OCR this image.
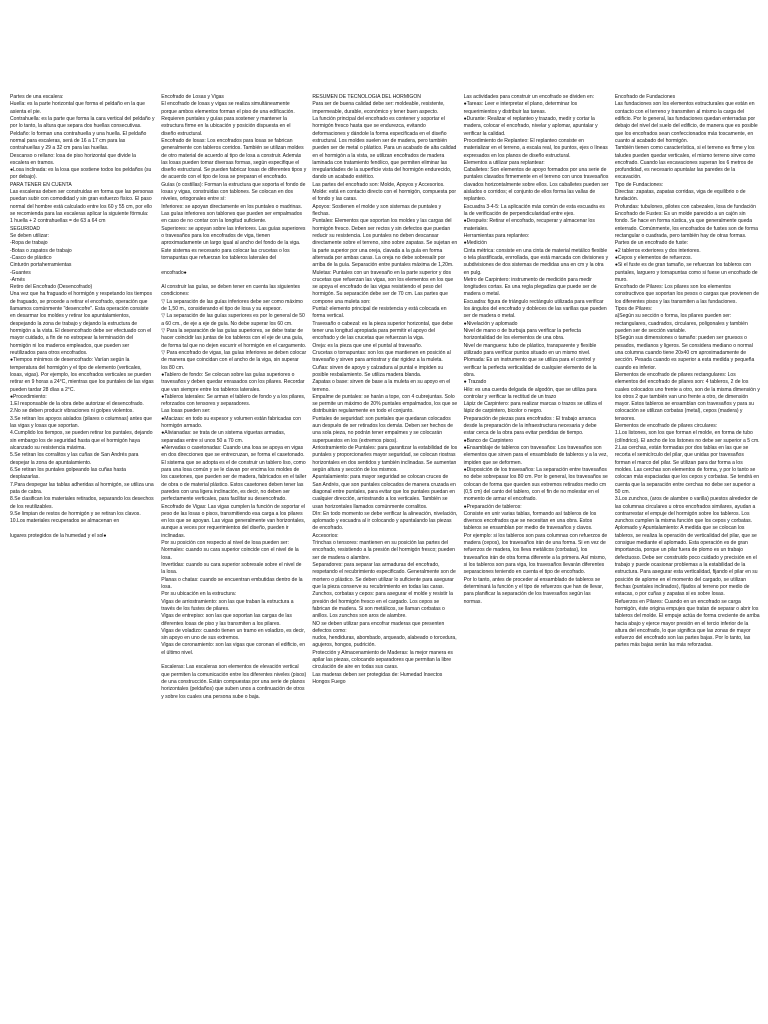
Partes de una escalera:
Huella: es la parte horizontal que forma el peldaño en la que asienta el pie.
Contrahuella: es la parte que forma la cara vertical del peldaño y por lo tanto, la altura que separa dos huellas consecutivas.
Peldaño: lo forman una contrahuella y una huella. El peldaño normal para escaleras, será de 16 a 17 cm para las contrahuellas y 29 a 32 cm para las huellas.
Descanso o rellano: losa de piso horizontal que divide la escalera en tramos.
●Losa inclinada: es la losa que sostiene todos los peldaños (su por debajo).
PARA TENER EN CUENTA
Las escaleras deben ser construidas en forma que las personas puedan subir con comodidad y sin gran esfuerzo físico. El paso normal del hombre está calculado entre los 60 y 55 cm, por ello se recomienda para las escaleras aplicar la siguiente fórmula:
1 huella + 2 contrahuellas = de 63 a 64 cm
SEGURIDAD
Se deben utilizar:
-Ropa de trabajo
-Botas o zapatos de trabajo
-Casco de plástico
Cinturón portaherramientas
-Guantes
-Arnés
Retiro del Encofrado (Desencofrado)
Una vez que ha fraguado el hormigón y respetando los tiempos de fraguado, se procede a retirar el encofrado, operación que llamamos comúnmente "desencofre". Esta operación consiste en desarmar los moldes y retirar los apuntalamientos, despejando la zona de trabajo y dejando la estructura de hormigón a la vista. El desencofrado debe ser efectuado con el mayor cuidado, a fin de no estropear la terminación del hormigón ni los maderos empleados, que pueden ser reutilizados para otros encofrados.
●Tiempos mínimos de desencofrado: Varían según la temperatura del hormigón y el tipo de elemento (verticales, losas, vigas). Por ejemplo, los encofrados verticales se pueden retirar en 9 horas a 24°C, mientras que los puntales de las vigas pueden tardar 28 días a 2°C.
●Procedimiento:
1.El responsable de la obra debe autorizar el desencofrado.
2.No se deben producir vibraciones ni golpes violentos.
3.Se retiran los apoyos aislados (pilares o columnas) antes que las vigas y losas que soportan.
4.Cumplido los tiempos, se pueden retirar los puntales, dejando sin embargo los de seguridad hasta que el hormigón haya alcanzado su resistencia máxima.
5.Se retiran los corralitos y las cuñas de San Andrés para despejar la zona de apuntalamiento.
6.Se retiran los puntales golpeando las cuñas hasta desplazarlas.
7.Para despegar las tablas adheridas al hormigón, se utiliza una pata de cabra.
8.Se clasifican los materiales retirados, separando los desechos de los reutilizables.
9.Se limpian de restos de hormigón y se retiran los clavos.
10.Los materiales recuperados se almacenan en

lugares protegidos de la humedad y el sol●

Encofrado de Losas y Vigas
El encofrado de losas y vigas se realiza simultáneamente porque ambos elementos forman el piso de una edificación. Requieren puntales y guías para sostener y mantener la estructura firme en la ubicación y posición dispuesta en el diseño estructural.
Encofrado de losas: Los encofrados para losas se fabrican generalmente con tableros corridos. También se utilizan moldes de otro material de acuerdo al tipo de losa a construir. Además las losas pueden tomar diversas formas, según especifique el diseño estructural. Se pueden fabricar losas de diferentes tipos y de acuerdo con el tipo de losa se preparan el encofrado.
Guías (o costillas): Forman la estructura que soporta el fondo de losas y vigas, construidas con tablones. Se colocan en dos niveles, ortogonales entre sí:
Inferiores: se apoyan directamente en los puntales o madrinas. Las guías inferiores son tablones que pueden ser empalmados en caso de no contar con la longitud suficiente.
Superiores: se apoyan sobre las inferiores. Las guías superiores o travesaños para los encofrados de viga, tienen aproximadamente un largo igual al ancho del fondo de la viga. Este sistema es necesario para colocar las crucetas o los tornapuntas que refuerzan los tableros laterales del

encofrado●

Al construir las guías, se deben tener en cuenta las siguientes condiciones:
▽ La separación de las guías inferiores debe ser como máximo de 1,50 m., considerando el tipo de losa y su espesor.
▽ La separación de las guías superiores es por lo general de 50 a 60 cm., de eje a eje de guía. No debe superar los 60 cm.
▽ Para la separación de las guías superiores, se debe tratar de hacer coincidir las juntas de los tableros con el eje de una guía, de forma tal que no dejen escurrir el hormigón en el cargamento. ▽ Para encofrado de vigas, las guías inferiores se deben colocar de manera que coincidan con el ancho de la viga, sin superar los 80 cm.
●Tablero de fondo: Se colocan sobre las guías superiores o travesaños y deben quedar enrasados con los pilares. Recordar que van siempre entre los tableros laterales.
●Tableros laterales: Se arman el tablero de fondo y a los pilares, reforzados con tensores y separadores.
Las losas pueden ser:
●Macizas: en todo su espesor y volumen están fabricadas con hormigón armado.
●Alivianadas: se trata de un sistema viguetas armadas, separadas entre sí unos 50 a 70 cm.
●Nervadas o casetonadas: Cuando una losa se apoya en vigas en dos direcciones que se entrecruzan, se forma el casetonado. El sistema que se adopta es el de construir un tablero liso, como para una losa común y se le clavan por encima los moldes de los casetones, que pueden ser de madera, fabricados en el taller de obra o de material plástico. Estos casetones deben tener las paredes con una ligera inclinación, es decir, no deben ser perfectamente verticales, para facilitar su desencofrado.
Encofrado de Vigas: Las vigas cumplen la función de soportar el peso de las losas o pisos, transmitiendo esa carga a los pilares en los que se apoyan. Las vigas generalmente van horizontales, aunque a veces por requerimientos del diseño, pueden ir inclinadas.
Por su posición con respecto al nivel de losa pueden ser:
Normales: cuando su cara superior coincide con el nivel de la losa.
Invertidas: cuando su cara superior sobresale sobre el nivel de la losa.
Planas o chatas: cuando se encuentran embutidas dentro de la losa.
Por su ubicación en la estructura:
Vigas de arriostramiento: son las que traban la estructura a través de los fustes de pilares.
Vigas de entrepiso: son las que soportan las cargas de las diferentes losas de piso y las transmiten a los pilares.
Vigas de voladizo: cuando tienen un tramo en voladizo, es decir, sin apoyo en uno de sus extremos.
Vigas de coronamiento: son las vigas que coronan el edificio, en el último nivel.

Escaleras: Las escaleras son elementos de elevación vertical que permiten la comunicación entre los diferentes niveles (pisos) de una construcción. Están compuestas por una serie de planos horizontales (peldaños) que suben unos a continuación de otros y sobre los cuales una persona sube o baja.

RESUMEN DE TECNOLOGIA DEL HORMIGON
Para ser de buena calidad debe ser: moldeable, resistente, impermeable, durable, económico y tener buen aspecto.
La función principal del encofrado es contener y soportar el hormigón fresco hasta que se endurezca, evitando deformaciones y dándole la forma especificada en el diseño estructural. Los moldes suelen ser de madera, pero también pueden ser de metal o plástico. Para un acabado de alta calidad en el hormigón a la vista, se utilizan encofrados de madera laminada con tratamiento fenólico, que permiten eliminar las irregularidades de la superficie vista del hormigón endurecido, dando un acabado estético.
Las partes del encofrado son: Molde, Apoyos y Accesorios.
Molde: está en contacto directo con el hormigón, compuesta por el fondo y las caras.
Apoyos: Sostienen el molde y son sistemas de puntales y flechas.
Puntales: Elementos que soportan los moldes y las cargas del hormigón fresco. Deben ser rectos y sin defectos que puedan reducir su resistencia. Los puntales no deben descansar directamente sobre el terreno, sino sobre zapatas. Se sujetan en la parte superior por una oreja, clavada a la guía en forma alternada por ambas caras. La oreja no debe sobresalir por arriba de la guía. Separación entre puntales máxima de 1,20m.
Muletas: Puntales con un travesaño en la parte superior y dos crucetas que refuerzan las vigas, son los elementos en los que se apoya el encofrado de las vigas resistiendo el peso del hormigón. Su separación debe ser de 70 cm. Las partes que compone una muleta son:
Puntal: elemento principal de resistencia y está colocada en forma vertical.
Travesaño o cabezal: es la pieza superior horizontal, que debe tener una longitud apropiada para permitir el apoyo del encofrado y de las crucetas que refuerzan la viga.
Oreja: es la pieza que une el puntal al travesaño.
Crucetas o tornapuntas: son los que mantienen en posición al travesaño y sirven para arriostrar y dar rigidez a la muleta.
Cuñas: sirven de apoyo y calzadura al puntal e impiden su posible resbalamiento. Se utiliza madera blanda.
Zapatas o base: sirven de base a la muleta en su apoyo en el terreno.
Empalme de puntales: se harán a tope, con 4 cubrejuntas. Solo se permite un máximo de 20% puntales empalmados, los que se distribuirán regularmente en todo el conjunto.
Puntales de seguridad: son puntales que quedaran colocados aun después de ser retirados los demás. Deben ser hechos de una sola pieza, no podrán tener empalmes y se colocarán superpuestos en los (extremos pisos).
Arriostramiento de Puntales: para garantizar la estabilidad de los puntales y proporcionarles mayor seguridad, se colocan riostras horizontales en dos sentidos y también inclinadas. Se aumentan según altura y sección de los mismos.
Apuntalamiento: para mayor seguridad se colocan cruces de San Andrés, que son puntales colocados de manera cruzada en diagonal entre puntales, para evitar que los puntales puedan en cualquier dirección, arriostrando a los verticales. También se usan horizontales llamados comúnmente corralitos.
DIn: En todo momento se debe verificar la alineación, nivelación, aplomado y escuadra al ir colocando y apuntalando las piezas de encofrado.
Accesorios:
Trinchas o tensores: mantienen en su posición las partes del encofrado, resistiendo a la presión del hormigón fresco; pueden ser de madera o alambre.
Separadores: para separar las armaduras del encofrado, respetando el recubrimiento especificado. Generalmente son de mortero o plástico. Se deben utilizar lo suficiente para asegurar que la pieza conserve su recubrimiento en todas las caras.
Zunchos, corbatas y cepos: para asegurar el molde y resistir la presión del hormigón fresco en el cargado. Los cepos se fabrican de madera. Si son metálicos, se llaman corbatas o anillos. Los zunchos son aros de alambre.
NO se deben utilizar para encofrar maderas que presenten defectos como:
nudos, hendiduras, abombado, arqueado, alabeado o torcedura, agujeros, hongos, pudrición.
Protección y Almacenamiento de Maderas: la mejor manera es apilar las piezas, colocando separadores que permitan la libre circulación de aire en todas sus caras.
Las maderas deben ser protegidas de: Humedad Insectos Hongos Fuego

Las actividades para construir un encofrado se dividen en:
●Tareas: Leer e interpretar el plano, determinar los requerimientos y distribuir las tareas.
●Durante: Realizar el replanteo y trazado, medir y cortar la madera, colocar el encofrado, nivelar y aplomar, apuntalar y verificar la calidad.
Procedimiento de Replanteo: El replanteo consiste en materializar en el terreno, a escala real, los puntos, ejes o líneas expresados en los planos de diseño estructural.
Elementos a utilizar para replantear:
Caballetes: Son elementos de apoyo formados por una serie de puntales clavados firmemente en el terreno con unos travesaños clavados horizontalmente sobre ellos. Los caballetes pueden ser aislados o corridos; el conjunto de ellos forma las vallas de replanteo.
Escuadra 3-4-5: La aplicación más común de esta escuadra es la de verificación de perpendicularidad entre ejes.
●Después: Retirar el encofrado, recuperar y almacenar los materiales.
Herramientas para replanteo:
●Medición
Cinta métrica: consiste en una cinta de material metálico flexible o tela plastificada, enrrollada, que está marcada con divisiones y subdivisiones de dos sistemas de medidas una en cm y la otra en pulg.
Metro de Carpintero: instrumento de medición para medir longitudes cortas. Es una regla plegadiza que puede ser de madera o metal.
Escuadra: figura de triángulo rectángulo utilizada para verificar los ángulos del encofrado y dobleces de las varillas que pueden ser de madera o metal.
●Nivelación y aplomado
Nivel de mano o de burbuja para verificar la perfecta horizontalidad de los elementos de una obra.
Nivel de manguera: tubo de plástico, transparente y flexible utilizado para verificar puntos situado en un mismo nivel.
Plomada: Es un instrumento que se utiliza para el control y verificar la perfecta verticalidad de cualquier elemento de la obra.
● Trazado
Hilo: es una cuerda delgada de algodón, que se utiliza para controlar y verificar la rectitud de un trazo
Lápiz de Carpintero: para realizar marcas o trazos se utiliza el lápiz de carpintero, bicolor o negro.
Preparación de piezas para encofrados : El trabajo arranca desde la preparación de la infraestructura necesaria y debe estar cerca de la obra para evitar perdidas de tiempo.
●Banco de Carpintero
●Ensamblaje de tableros con travesaños: Los travesaños son elementos que sirven para el ensamblado de tableros y a la vez, impiden que se deformen.
●Disposición de los travesaños: La separación entre travesaños no debe sobrepasar los 80 cm. Por lo general, los travesaños se colocan de forma que queden sus extremos retirados medio cm (0,5 cm) del canto del tablero, con el fin de no molestar en el momento de armar el encofrado.
●Preparación de tableros:
Consiste en unir varias tablas, formando así tableros de los diversos encofrados que se necesitan en una obra. Estos tableros se ensamblan por medio de travesaños y clavos.
Por ejemplo: si los tableros son para columnas con refuerzos de madera (cepos), los travesaños irán de una forma. Si en vez de refuerzos de madera, los lleva metálicos (corbatas), los travesaños irán de otra forma diferente a la primera. Así mismo, si los tableros son para viga, los travesaños llevarán diferentes separaciones teniendo en cuenta el tipo de encofrado.
Por lo tanto, antes de proceder al ensamblado de tableros se determinará la función y el tipo de refuerzos que han de llevar, para planificar la separación de los travesaños según las normas.

Encofrado de Fundaciones
Las fundaciones son los elementos estructurales que están en contacto con el terreno y transmiten al mismo la carga del edificio. Por lo general, las fundaciones quedan enterradas por debajo del nivel del suelo del edificio, de manera que es posible que los encofrados sean confeccionados más toscamente, en cuanto al acabado del hormigón.
También tienen como característica, si el terreno es firme y los taludes pueden quedar verticales, el mismo terreno sirve como encofrado. Cuando las excavaciones superan los 6 metros de profundidad, es necesario apuntalar las paredes de la excavación.
Tipo de Fundaciones:
Directas: zapatas, zapatas corridas, viga de equilibrio o de fundación.
Profundas: tubulones, pilotes con cabezales, losa de fundación
Encofrado de Fustes: Es un molde parecido a un cajón sin fondo. Se hace en forma rústica, ya que generalmente queda enterrado. Comúnmente, los encofrados de fustes son de forma rectangular o cuadrada, pero también hay de otras formas.
Partes de un encofrado de fuste:
●2 tableros exteriores y dos interiores.
●Cepos y elementos de refuerzos.
●Si el fuste es de gran tamaño, se refuerzan los tableros con puntales, larguero y tornapuntas como si fuese un encofrado de muro.
Encofrado de Pilares: Los pilares son los elementos constructivos que soportan los pesos o cargas que provienen de los diferentes pisos y las transmiten a las fundaciones.
Tipos de Pilares:
a)Según su sección o forma, los pilares pueden ser: rectangulares, cuadrados, circulares, poligonales y también pueden ser de sección variable.
b)Según sus dimensiones o tamaño: pueden ser gruesos o pesados, medianos y ligeros. Se considera mediano o normal una columna cuando tiene 20x40 cm aproximadamente de sección. Pesada cuando es superior a esta medida y pequeña cuando es inferior.
Elementos de encofrado de pilares rectangulares: Los elementos del encofrado de pilares son: 4 tableros, 2 de los cuales colocados uno frente a otro, son de la misma dimensión y los otros 2 que también van uno frente a otro, de dimensión mayor. Estos tableros se ensamblan con travesaños y para su colocación se utilizan corbatas (metal), cepos (madera) y tensores.
Elementos de encofrado de pilares circulares:
1.Los listones, son los que forman el molde, en forma de tubo (cilíndrico). El ancho de los listones no debe ser superior a 5 cm.
2.Las cerchas, están formadas por dos tablas en las que se recorta el semicírculo del pilar, que unidas por travesaños forman el marco del pilar. Se utilizan para dar forma a los moldes. Las cerchas son elementos de forma, y por lo tanto se colocan más espaciadas que los cepos y corbatas. Se tendrá en cuenta que la separación entre cerchas no debe ser superior a 50 cm.
3.Los zunchos, (aros de alambre o varilla) puestos alrededor de las columnas circulares u otros encofrados similares, ayudan a contrarrestar el empuje del hormigón sobre los tableros. Los zunchos cumplen la misma función que los cepos y corbatas.
Aplomado y Apuntalamiento: A medida que se colocan los tableros, se realiza la operación de verticalidad del pilar, que se consigue mediante el aplomado. Esta operación es de gran importancia, porque un pilar fuera de plomo es un trabajo defectuoso. Debe ser construido poco cuidado y precisión en el trabajo y puede ocasionar problemas a la estabilidad de la estructura. Para asegurar esta verticalidad, fijando el pilar en su posición de aplome en el momento del cargado, se utilizan flechas (puntales inclinados), fijados al terreno por medio de estacas, o por cuñas y zapatas si es sobre losas.
Refuerzos en Pilares: Cuando en un encofrado se carga hormigón, éste origina empujes que tratan de separar o abrir los tableros del molde. El empuje actúa de forma creciente de arriba hacia abajo y ejerce mayor presión en el tercio inferior de la altura del encofrado, lo que significa que las zonas de mayor esfuerzo del encofrado son las partes bajas. Por lo tanto, las partes más bajas serán las más reforzadas.
